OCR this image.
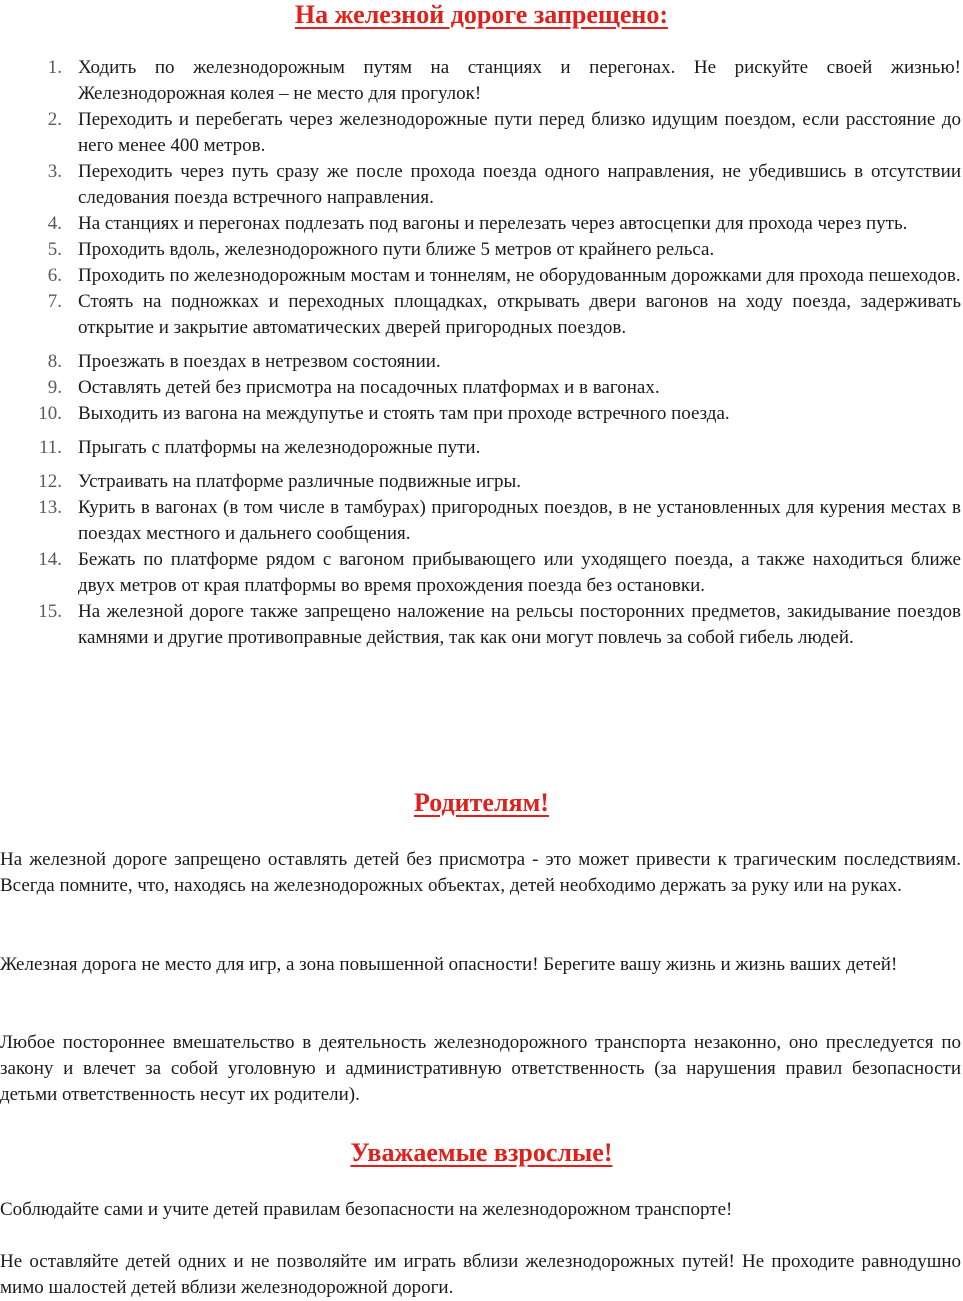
На железной дороге запрещено:
1. Ходить по железнодорожным путям на станциях и перегонах. Не рискуйте своей жизнью! Железнодорожная колея – не место для прогулок!
2. Переходить и перебегать через железнодорожные пути перед близко идущим поездом, если расстояние до него менее 400 метров.
3. Переходить через путь сразу же после прохода поезда одного направления, не убедившись в отсутствии следования поезда встречного направления.
4. На станциях и перегонах подлезать под вагоны и перелезать через автосцепки для прохода через путь.
5. Проходить вдоль, железнодорожного пути ближе 5 метров от крайнего рельса.
6. Проходить по железнодорожным мостам и тоннелям, не оборудованным дорожками для прохода пешеходов.
7. Стоять на подножках и переходных площадках, открывать двери вагонов на ходу поезда, задерживать открытие и закрытие автоматических дверей пригородных поездов.
8. Проезжать в поездах в нетрезвом состоянии.
9. Оставлять детей без присмотра на посадочных платформах и в вагонах.
10. Выходить из вагона на междупутье и стоять там при проходе встречного поезда.
11. Прыгать с платформы на железнодорожные пути.
12. Устраивать на платформе различные подвижные игры.
13. Курить в вагонах (в том числе в тамбурах) пригородных поездов, в не установленных для курения местах в поездах местного и дальнего сообщения.
14. Бежать по платформе рядом с вагоном прибывающего или уходящего поезда, а также находиться ближе двух метров от края платформы во время прохождения поезда без остановки.
15. На железной дороге также запрещено наложение на рельсы посторонних предметов, закидывание поездов камнями и другие противоправные действия, так как они могут повлечь за собой гибель людей.
Родителям!

На железной дороге запрещено оставлять детей без присмотра - это может привести к трагическим последствиям. Всегда помните, что, находясь на железнодорожных объектах, детей необходимо держать за руку или на руках.

Железная дорога не место для игр, а зона повышенной опасности! Берегите вашу жизнь и жизнь ваших детей!

Любое постороннее вмешательство в деятельность железнодорожного транспорта незаконно, оно преследуется по закону и влечет за собой уголовную и административную ответственность (за нарушения правил безопасности детьми ответственность несут их родители).

Уважаемые взрослые!

Соблюдайте сами и учите детей правилам безопасности на железнодорожном транспорте!

Не оставляйте детей одних и не позволяйте им играть вблизи железнодорожных путей! Не проходите равнодушно мимо шалостей детей вблизи железнодорожной дороги.
